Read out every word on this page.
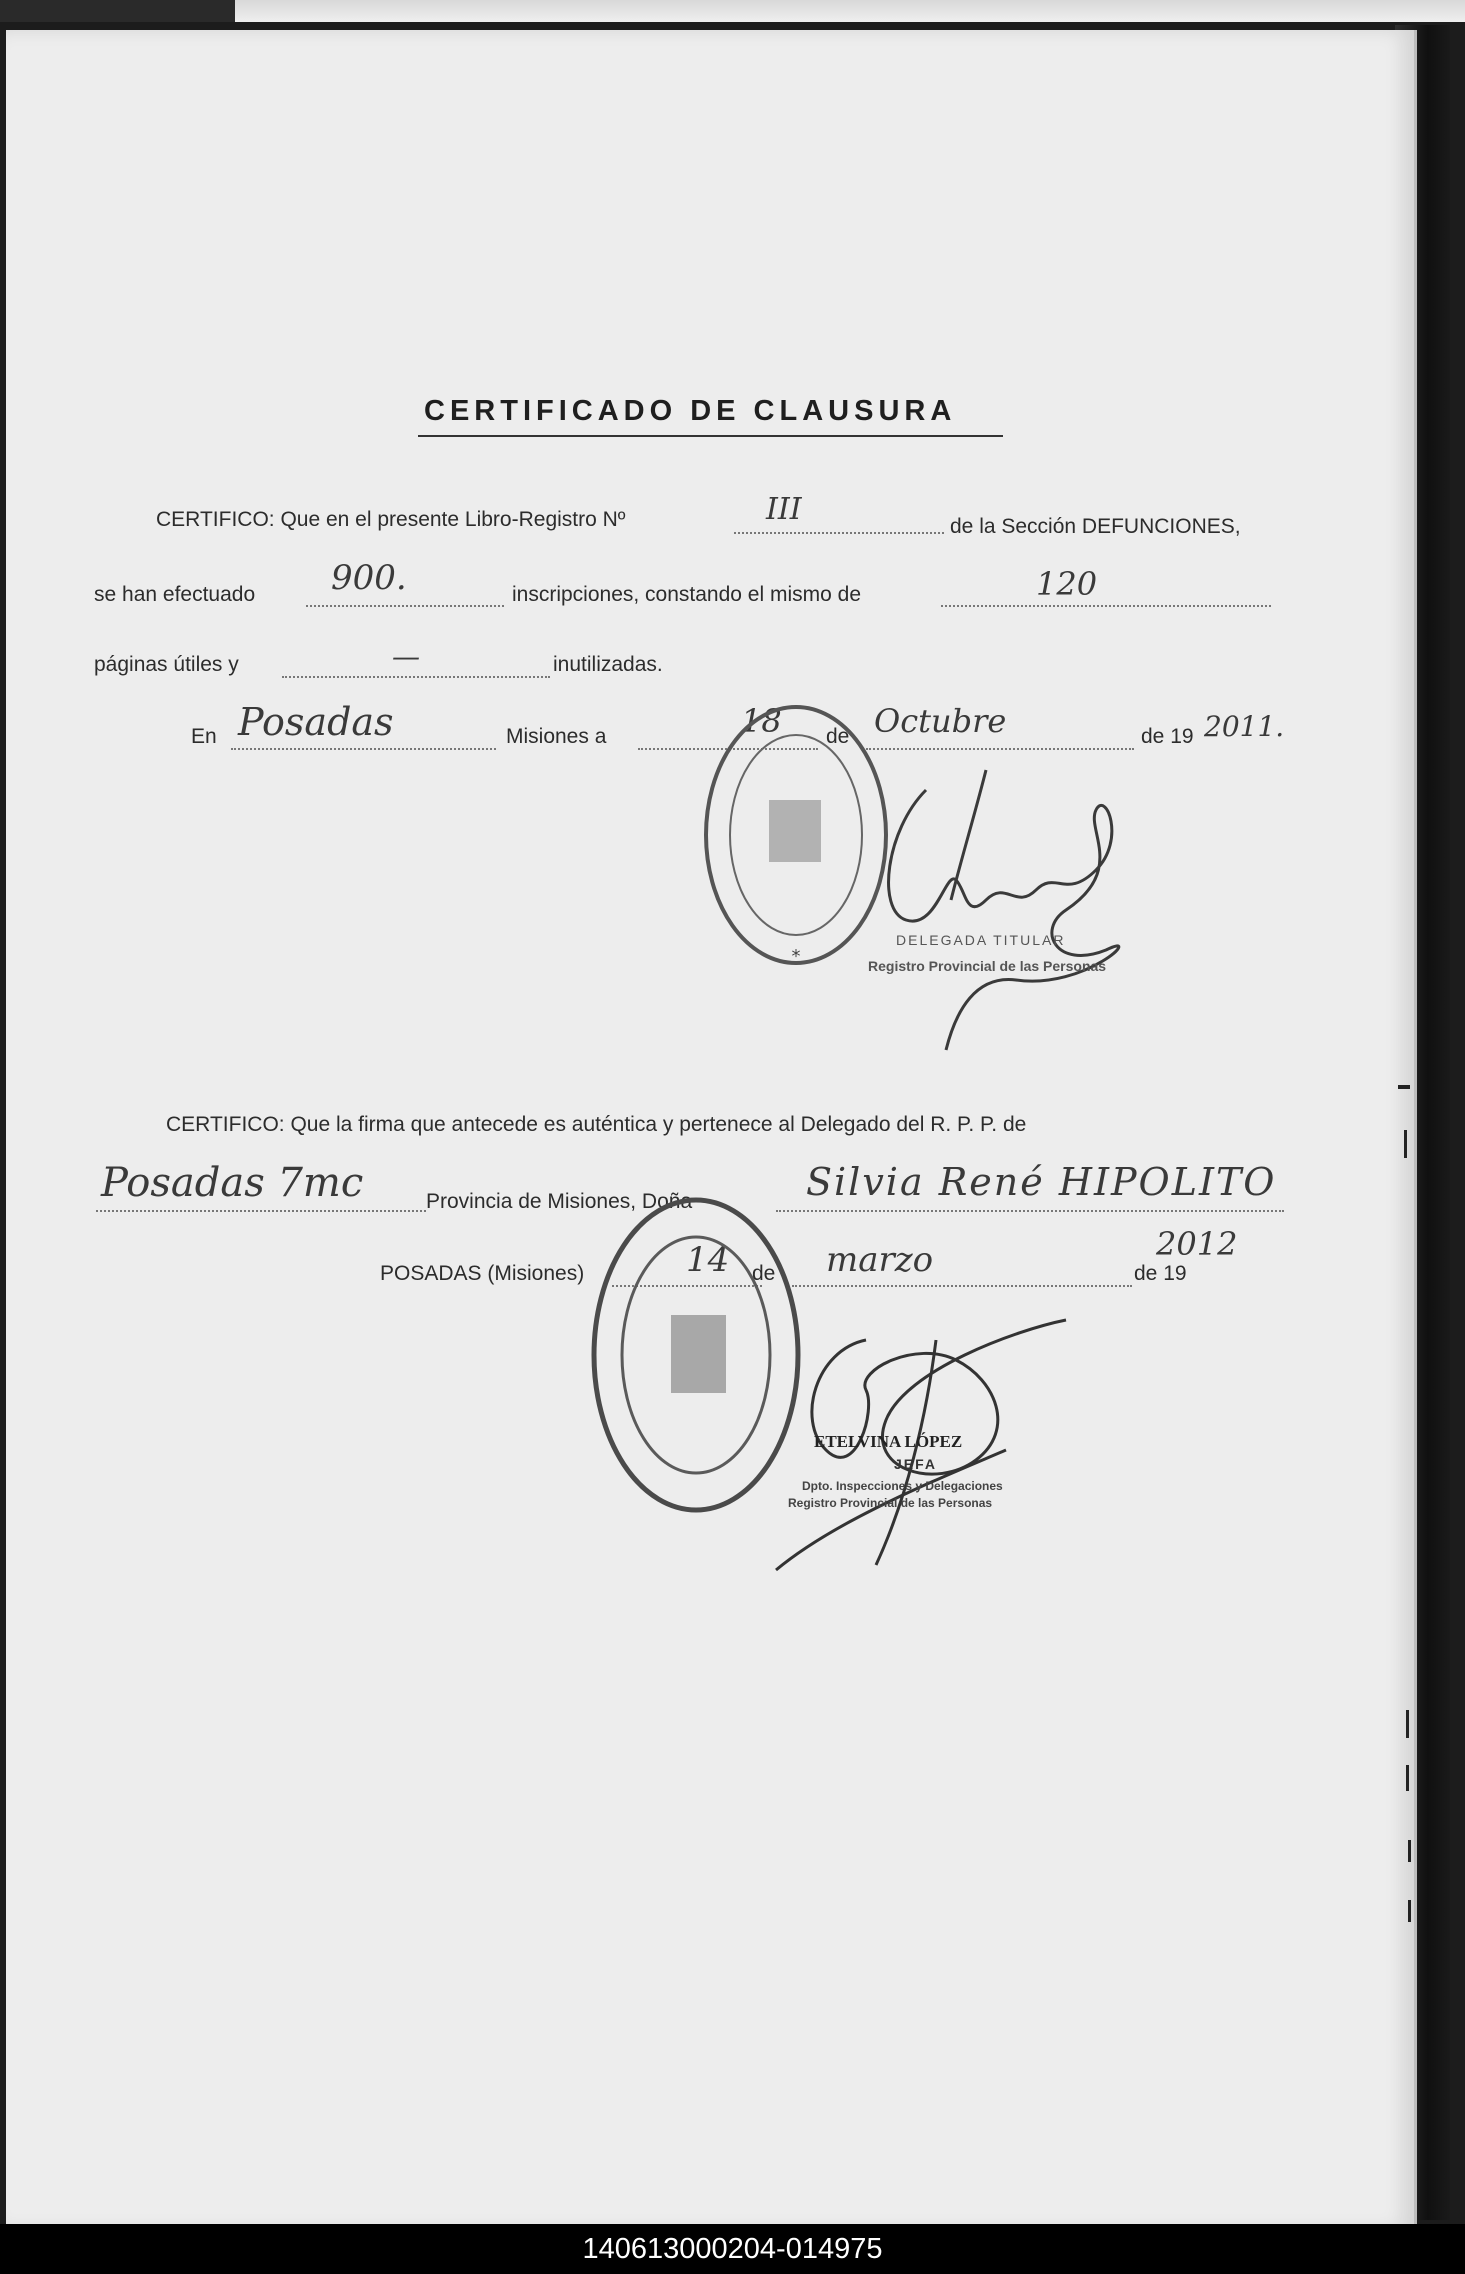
CERTIFICADO DE CLAUSURA
CERTIFICO: Que en el presente Libro-Registro Nº	III	de la Sección DEFUNCIONES,
se han efectuado 900.	inscripciones, constando el mismo de	120
páginas útiles y	—	inutilizadas.
En Posadas	Misiones a	18 de Octubre	de 19 2011.
*
DELEGADA TITULAR
Registro Provincial de las Personas
CERTIFICO: Que la firma que antecede es auténtica y pertenece al Delegado del R. P. P. de
Posadas 7mc	Provincia de Misiones, Doña	Silvia René HIPOLITO
POSADAS (Misiones)	14 de marzo	de 19
2012
ETELVINA LÓPEZ
JEFA
Dpto. Inspecciones y Delegaciones
Registro Provincial de las Personas
140613000204-014975
